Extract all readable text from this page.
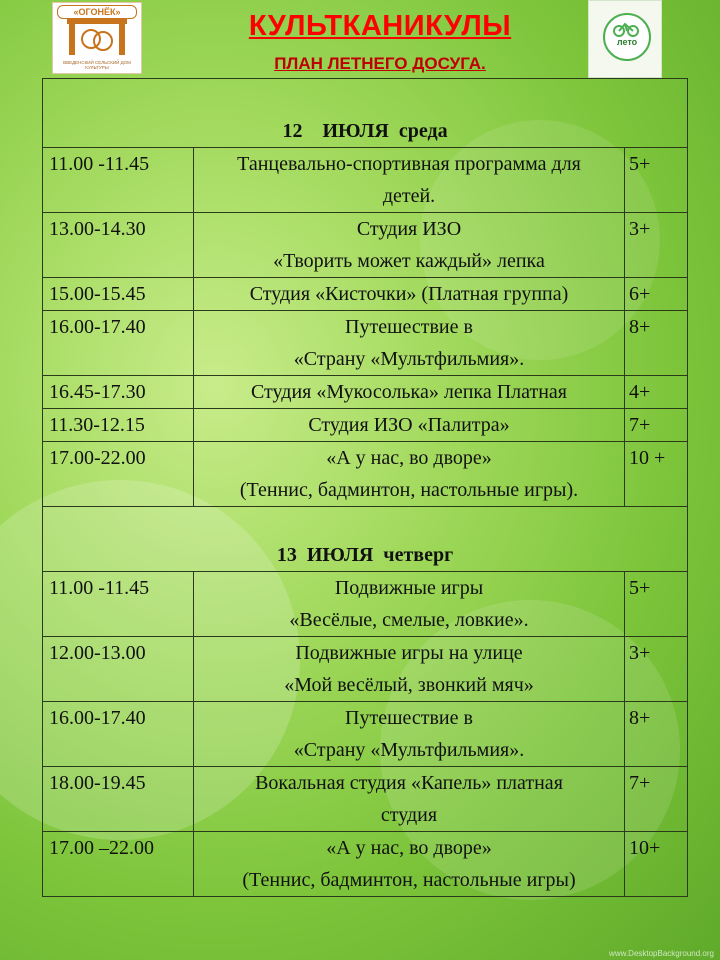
«ОГОНЁК»
ВВЕДЕНСКИЙ СЕЛЬСКИЙ ДОМ КУЛЬТУРЫ
КУЛЬТКАНИКУЛЫ
ПЛАН ЛЕТНЕГО ДОСУГА.
лето
12    ИЮЛЯ  среда		
11.00 -11.45	Танцевально-спортивная программа для
детей.	5+
13.00-14.30	Студия ИЗО
«Творить может каждый» лепка	3+
15.00-15.45	Студия «Кисточки» (Платная группа)	6+
16.00-17.40	Путешествие в
«Страну «Мультфильмия».	8+
16.45-17.30	Студия «Мукосолька» лепка Платная	4+
11.30-12.15	Студия ИЗО «Палитра»	7+
17.00-22.00	«А у нас, во дворе»
(Теннис, бадминтон, настольные игры).	10 +
13  ИЮЛЯ  четверг		
11.00 -11.45	Подвижные игры
«Весёлые, смелые, ловкие».	5+
12.00-13.00	Подвижные игры на улице
«Мой весёлый, звонкий мяч»	3+
16.00-17.40	Путешествие в
«Страну «Мультфильмия».	8+
18.00-19.45	Вокальная студия «Капель» платная
студия	7+
17.00 –22.00	«А у нас, во дворе»
(Теннис, бадминтон, настольные игры)	10+
www.DesktopBackground.org
